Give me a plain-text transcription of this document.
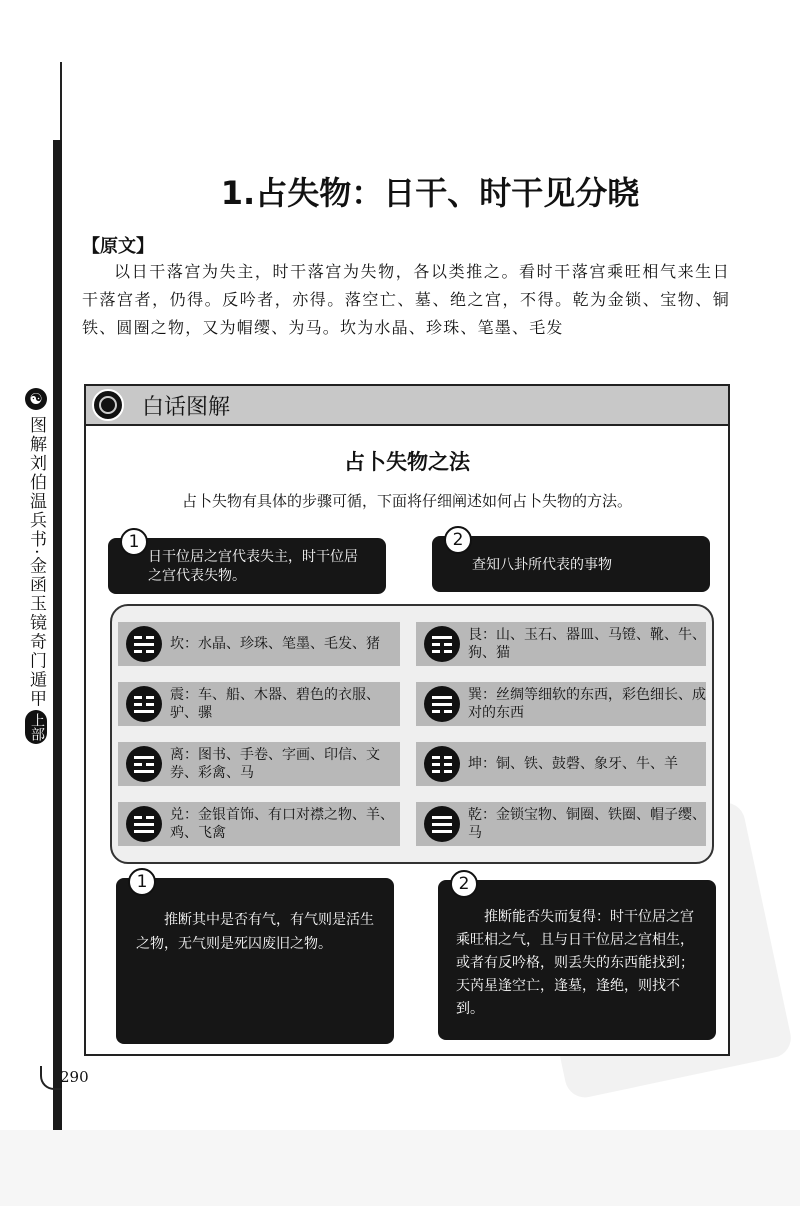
☯
图解刘伯温兵书·金函玉镜奇门遁甲
上部
1.占失物：日干、时干见分晓
【原文】
以日干落宫为失主，时干落宫为失物，各以类推之。看时干落宫乘旺相气来生日干落宫者，仍得。反吟者，亦得。落空亡、墓、绝之宫，不得。乾为金锁、宝物、铜铁、圆圈之物，又为帽缨、为马。坎为水晶、珍珠、笔墨、毛发
白话图解
占卜失物之法
占卜失物有具体的步骤可循，下面将仔细阐述如何占卜失物的方法。
日干位居之宫代表失主，时干位居之宫代表失物。
1
查知八卦所代表的事物
2
坎：水晶、珍珠、笔墨、毛发、猪
艮：山、玉石、器皿、马镫、靴、牛、狗、猫
震：车、船、木器、碧色的衣服、驴、骡
巽：丝绸等细软的东西，彩色细长、成对的东西
离：图书、手卷、字画、印信、文券、彩禽、马
坤：铜、铁、鼓磬、象牙、牛、羊
兑：金银首饰、有口对襟之物、羊、鸡、飞禽
乾：金锁宝物、铜圈、铁圈、帽子缨、马
推断其中是否有气，有气则是活生之物，无气则是死囚废旧之物。
1
推断能否失而复得：时干位居之宫乘旺相之气，且与日干位居之宫相生，或者有反吟格，则丢失的东西能找到；天芮星逢空亡，逢墓，逢绝，则找不到。
2
290
